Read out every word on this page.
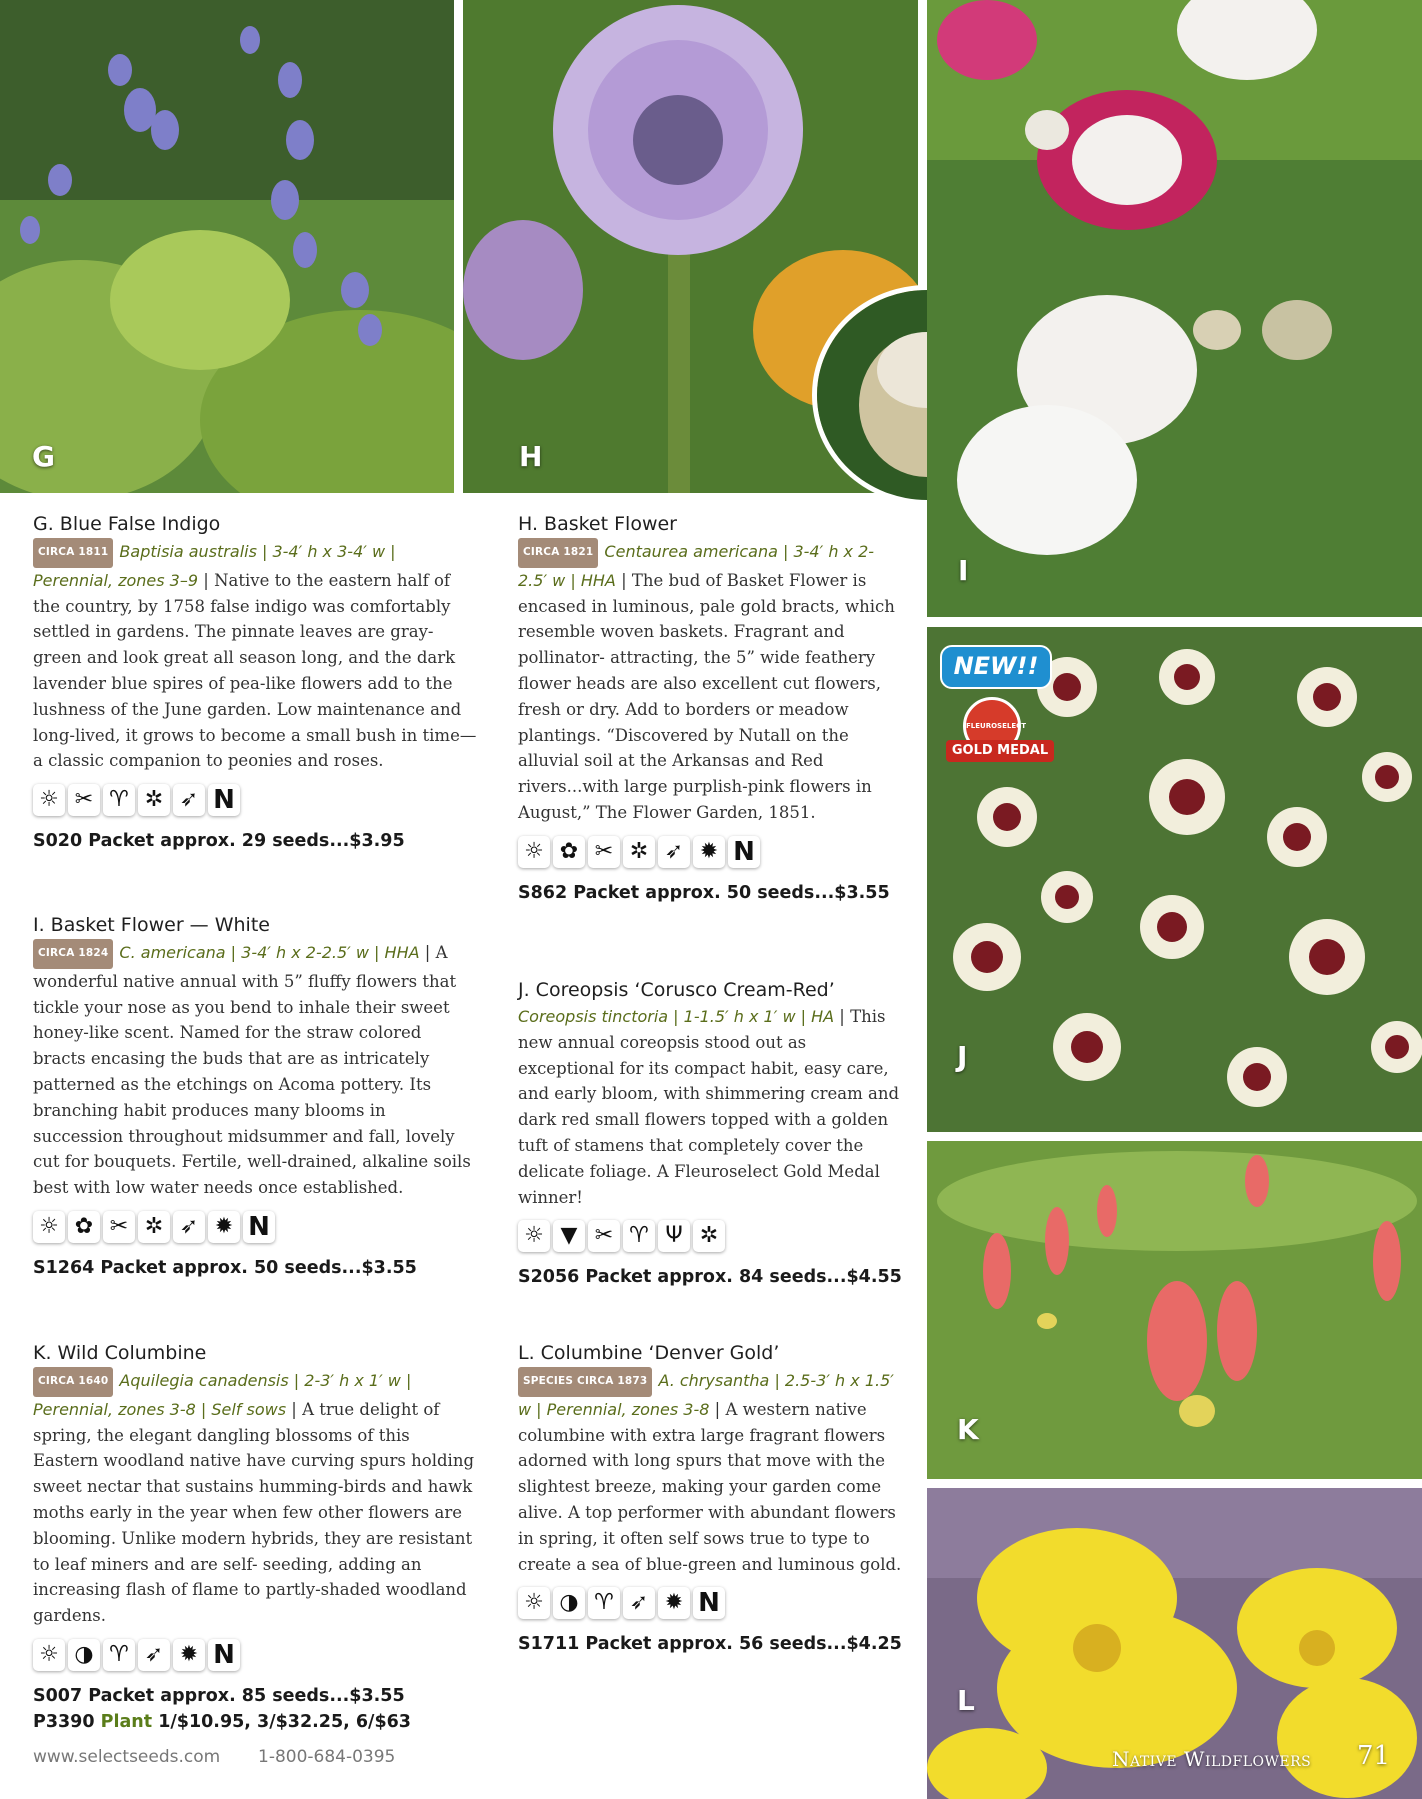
G	H
I
J
NEW!!
FLEUROSELECT
GOLD MEDAL
K
L
G. Blue False Indigo
CIRCA 1811 Baptisia australis | 3-4′ h x 3-4′ w | Perennial, zones 3–9 | Native to the eastern half of the country, by 1758 false indigo was comfortably settled in gardens. The pinnate leaves are gray-green and look great all season long, and the dark lavender blue spires of pea-like flowers add to the lushness of the June garden. Low maintenance and long-lived, it grows to become a small bush in time—a classic companion to peonies and roses.
☼ ✂ ♈ ✲ ➶ N
S020 Packet approx. 29 seeds...$3.95
I. Basket Flower — White
CIRCA 1824 C. americana | 3-4′ h x 2-2.5′ w | HHA | A wonderful native annual with 5” fluffy flowers that tickle your nose as you bend to inhale their sweet honey-like scent. Named for the straw colored bracts encasing the buds that are as intricately patterned as the etchings on Acoma pottery. Its branching habit produces many blooms in succession throughout midsummer and fall, lovely cut for bouquets. Fertile, well-drained, alkaline soils best with low water needs once established.
☼ ✿ ✂ ✲ ➶ ✹ N
S1264 Packet approx. 50 seeds...$3.55
K. Wild Columbine
CIRCA 1640 Aquilegia canadensis | 2-3′ h x 1′ w | Perennial, zones 3-8 | Self sows | A true delight of spring, the elegant dangling blossoms of this Eastern woodland native have curving spurs holding sweet nectar that sustains humming-birds and hawk moths early in the year when few other flowers are blooming. Unlike modern hybrids, they are resistant to leaf miners and are self- seeding, adding an increasing flash of flame to partly-shaded woodland gardens.
☼ ◑ ♈ ➶ ✹ N
S007 Packet approx. 85 seeds...$3.55
P3390 Plant 1/$10.95, 3/$32.25, 6/$63
H. Basket Flower
CIRCA 1821 Centaurea americana | 3-4′ h x 2-2.5′ w | HHA | The bud of Basket Flower is encased in luminous, pale gold bracts, which resemble woven baskets. Fragrant and pollinator- attracting, the 5” wide feathery flower heads are also excellent cut flowers, fresh or dry. Add to borders or meadow plantings. “Discovered by Nutall on the alluvial soil at the Arkansas and Red rivers...with large purplish-pink flowers in August,” The Flower Garden, 1851.
☼ ✿ ✂ ✲ ➶ ✹ N
S862 Packet approx. 50 seeds...$3.55
J. Coreopsis ‘Corusco Cream-Red’
Coreopsis tinctoria | 1-1.5′ h x 1′ w | HA | This new annual coreopsis stood out as exceptional for its compact habit, easy care, and early bloom, with shimmering cream and dark red small flowers topped with a golden tuft of stamens that completely cover the delicate foliage. A Fleuroselect Gold Medal winner!
☼ ▼ ✂ ♈ Ψ ✲
S2056 Packet approx. 84 seeds...$4.55
L. Columbine ‘Denver Gold’
SPECIES CIRCA 1873 A. chrysantha | 2.5-3′ h x 1.5′ w | Perennial, zones 3-8 | A western native columbine with extra large fragrant flowers adorned with long spurs that move with the slightest breeze, making your garden come alive. A top performer with abundant flowers in spring, it often self sows true to type to create a sea of blue-green and luminous gold.
☼ ◑ ♈ ➶ ✹ N
S1711 Packet approx. 56 seeds...$4.25
www.selectseeds.com 1-800-684-0395	Native Wildflowers 71
